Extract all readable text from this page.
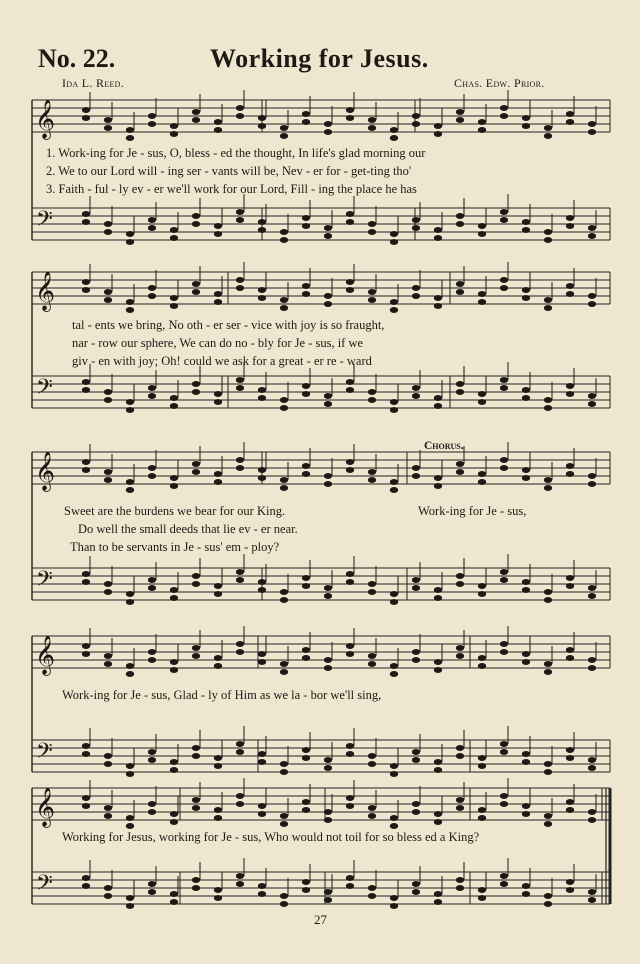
No. 22.	Working for Jesus.
Ida L. Reed.	Chas. Edw. Prior.
𝄞
𝄢
𝄞
𝄢
𝄞
𝄢
𝄞
𝄢
𝄞
𝄢
1. Work-ing for Je - sus, O, bless - ed the thought, In life's glad morning our
2. We to our Lord will - ing ser - vants will be, Nev - er for - get-ting tho'
3. Faith - ful - ly ev - er we'll work for our Lord, Fill - ing the place he has
tal - ents we bring, No oth - er ser - vice with joy is so fraught,
nar - row our sphere, We can do no - bly for Je - sus, if we
giv - en with joy; Oh! could we ask for a great - er re - ward
Chorus.
Sweet are the burdens we bear for our King.
Do well the small deeds that lie ev - er near.
Than to be servants in Je - sus' em - ploy?
Work-ing for Je - sus,
Work-ing for Je - sus, Glad - ly of Him as we la - bor we'll sing,
Working for Jesus, working for Je - sus, Who would not toil for so bless ed a King?
27
